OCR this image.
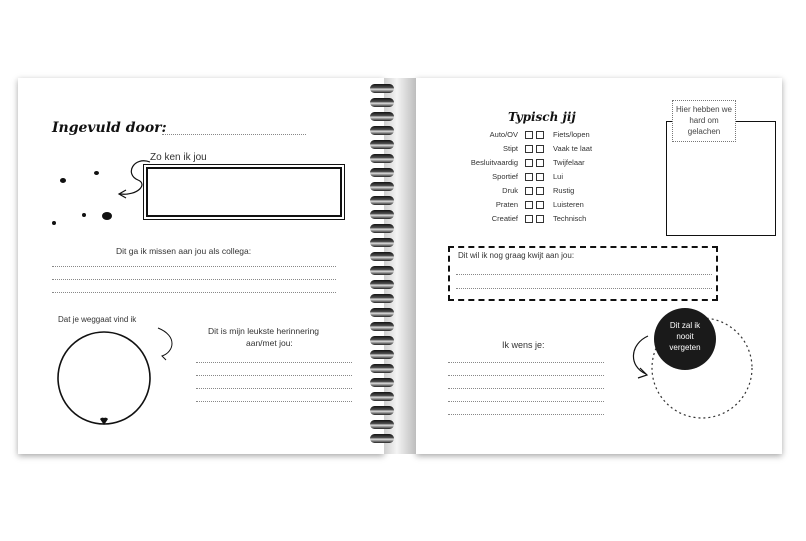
Ingevuld door:
Zo ken ik jou
Dit ga ik missen aan jou als collega:
Dat je weggaat vind ik
Dit is mijn leukste herinnering
aan/met jou:
Typisch jij
Auto/OV	Fiets/lopen
Stipt	Vaak te laat
Besluitvaardig	Twijfelaar
Sportief	Lui
Druk	Rustig
Praten	Luisteren
Creatief	Technisch
Hier hebben we hard om gelachen
Dit wil ik nog graag kwijt aan jou:
Ik wens je:
Dit zal ik nooit vergeten
